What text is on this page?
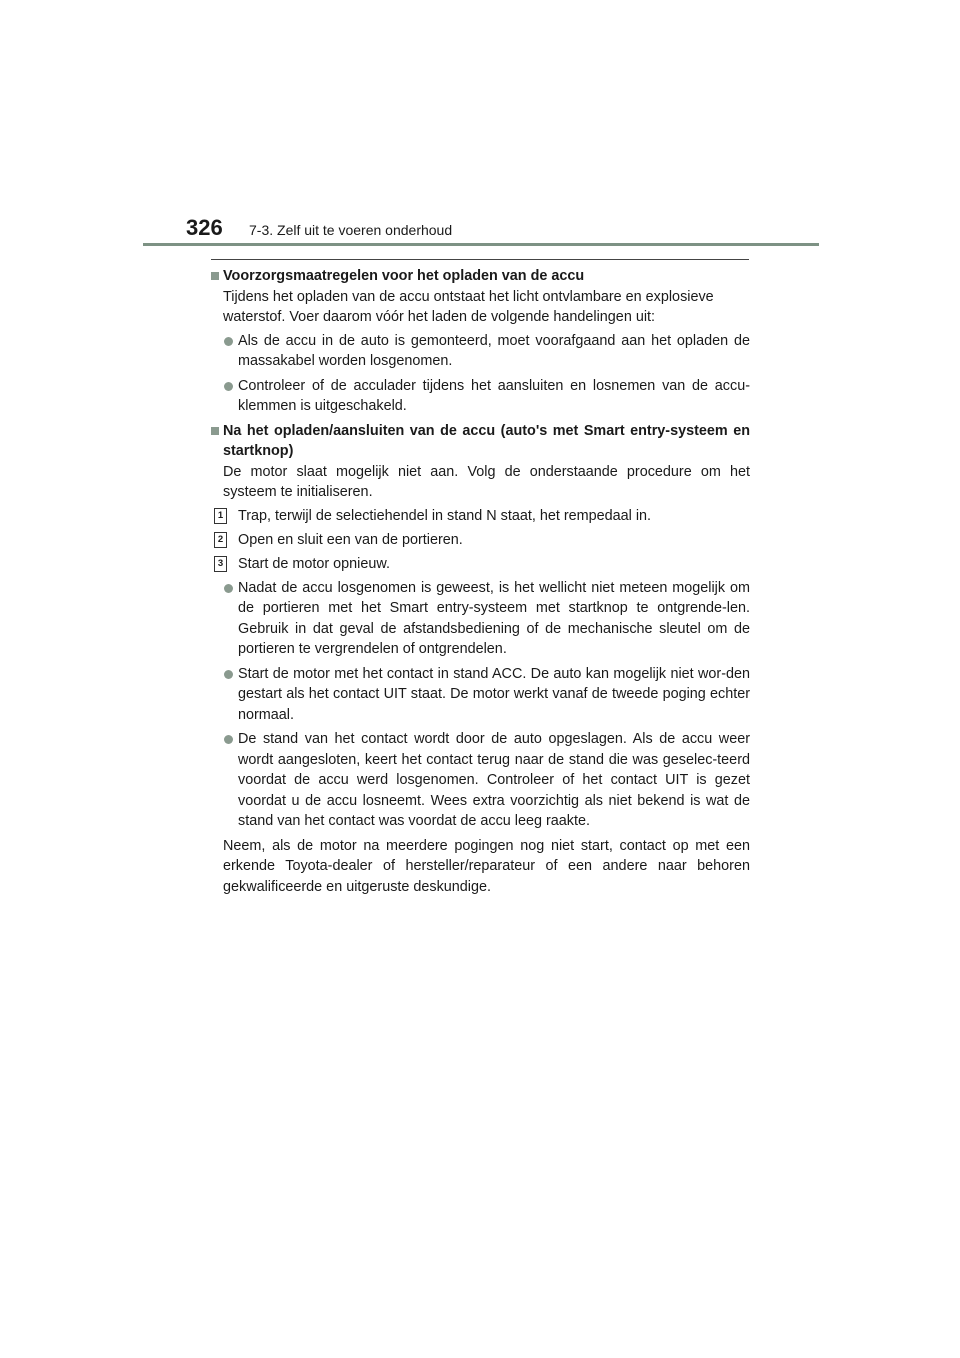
326 7-3. Zelf uit te voeren onderhoud
Voorzorgsmaatregelen voor het opladen van de accu
Tijdens het opladen van de accu ontstaat het licht ontvlambare en explosieve waterstof. Voer daarom vóór het laden de volgende handelingen uit:
Als de accu in de auto is gemonteerd, moet voorafgaand aan het opladen de massakabel worden losgenomen.
Controleer of de acculader tijdens het aansluiten en losnemen van de accu-klemmen is uitgeschakeld.
Na het opladen/aansluiten van de accu (auto's met Smart entry-systeem en startknop)
De motor slaat mogelijk niet aan. Volg de onderstaande procedure om het systeem te initialiseren.
1 Trap, terwijl de selectiehendel in stand N staat, het rempedaal in.
2 Open en sluit een van de portieren.
3 Start de motor opnieuw.
Nadat de accu losgenomen is geweest, is het wellicht niet meteen mogelijk om de portieren met het Smart entry-systeem met startknop te ontgrende-len. Gebruik in dat geval de afstandsbediening of de mechanische sleutel om de portieren te vergrendelen of ontgrendelen.
Start de motor met het contact in stand ACC. De auto kan mogelijk niet wor-den gestart als het contact UIT staat. De motor werkt vanaf de tweede poging echter normaal.
De stand van het contact wordt door de auto opgeslagen. Als de accu weer wordt aangesloten, keert het contact terug naar de stand die was geselec-teerd voordat de accu werd losgenomen. Controleer of het contact UIT is gezet voordat u de accu losneemt. Wees extra voorzichtig als niet bekend is wat de stand van het contact was voordat de accu leeg raakte.
Neem, als de motor na meerdere pogingen nog niet start, contact op met een erkende Toyota-dealer of hersteller/reparateur of een andere naar behoren gekwalificeerde en uitgeruste deskundige.
